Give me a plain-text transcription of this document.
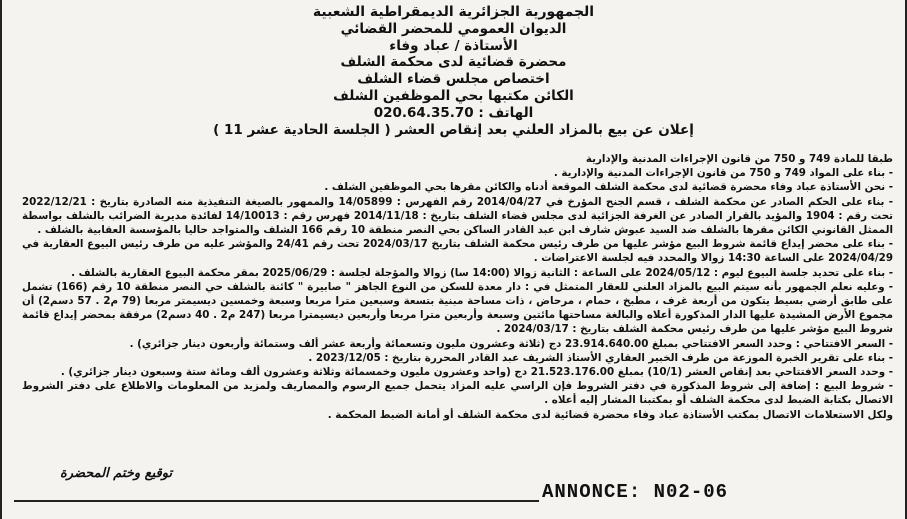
الجمهورية الجزائرية الديمقراطية الشعبية
الديوان العمومي للمحضر القضائي
الأستاذة / عباد وفاء
محضرة قضائية لدى محكمة الشلف
اختصاص مجلس قضاء الشلف
الكائن مكتبها بحي الموظفين الشلف
الهاتف : 020.64.35.70
إعلان عن بيع بالمزاد العلني بعد إنقاص العشر ( الجلسة الحادية عشر 11 )
طبقا للمادة 749 و 750 من قانون الإجراءات المدنية والإدارية
- بناء على المواد 749 و 750 من قانون الإجراءات المدنية والإدارية .
- نحن الأستاذة عباد وفاء محضرة قضائية لدى محكمة الشلف الموقعة أدناه والكائن مقرها بحي الموظفين الشلف .
- بناء على الحكم الصادر عن محكمة الشلف ، قسم الجنح المؤرخ في 2014/04/27 رقم الفهرس : 14/05899 والممهور بالصيغة التنفيذية منه الصادرة بتاريخ : 2022/12/21 تحت رقم : 1904 والمؤيد بالقرار الصادر عن الغرفة الجزائية لدى مجلس قضاء الشلف بتاريخ : 2014/11/18 فهرس رقم : 14/10013 لفائدة مديرية الضرائب بالشلف بواسطة الممثل القانوني الكائن مقرها بالشلف ضد السيد عبوش شارف ابن عبد القادر الساكن بحي النصر منطقة 10 رقم 166 الشلف والمتواجد حاليا بالمؤسسة العقابية بالشلف .
- بناء على محضر إيداع قائمة شروط البيع مؤشر عليها من طرف رئيس محكمة الشلف بتاريخ 2024/03/17 تحت رقم 24/41 والمؤشر عليه من طرف رئيس البيوع العقارية في 2024/04/29 على الساعة 14:30 زوالا والمحدد فيه لجلسة الاعتراضات .
- بناء على تحديد جلسة البيوع ليوم : 2024/05/12 على الساعة : الثانية زوالا (14:00 سا) زوالا والمؤجلة لجلسة : 2025/06/29 بمقر محكمة البيوع العقارية بالشلف .
- وعليه نعلم الجمهور بأنه سيتم البيع بالمزاد العلني للعقار المتمثل في : دار معدة للسكن من النوع الجاهز " صابيرة " كائنة بالشلف حي النصر منطقة 10 رقم (166) تشمل على طابق أرضي بسيط يتكون من أربعة غرف ، مطبخ ، حمام ، مرحاض ، ذات مساحة مبنية بتسعة وسبعين مترا مربعا وسبعة وخمسين ديسيمتر مربعا (79 م2 . 57 دسم2) أن مجموع الأرض المشيدة عليها الدار المذكورة أعلاه والبالغة مساحتها مائتين وسبعة وأربعين مترا مربعا وأربعين ديسيمترا مربعا (247 م2 . 40 دسم2) مرفقة بمحضر إيداع قائمة شروط البيع مؤشر عليها من طرف رئيس محكمة الشلف بتاريخ : 2024/03/17 .
- السعر الافتتاحي : وحدد السعر الافتتاحي بمبلغ 23.914.640.00 دج (ثلاثة وعشرون مليون وتسعمائة وأربعة عشر ألف وستمائة وأربعون دينار جزائري) .
- بناء على تقرير الخبرة الموزعة من طرف الخبير العقاري الأستاذ الشريف عبد القادر المحررة بتاريخ : 2023/12/05 .
- وحدد السعر الافتتاحي بعد إنقاص العشر (10/1) بمبلغ 21.523.176.00 دج (واحد وعشرون مليون وخمسمائة وثلاثة وعشرون ألف ومائة ستة وسبعون دينار جزائري) .
- شروط البيع : إضافة إلى شروط المذكورة في دفتر الشروط فإن الراسي عليه المزاد يتحمل جميع الرسوم والمصاريف ولمزيد من المعلومات والاطلاع على دفتر الشروط الاتصال بكتابة الضبط لدى محكمة الشلف أو بمكتبنا المشار إليه أعلاه .
ولكل الاستعلامات الاتصال بمكتب الأستاذة عباد وفاء محضرة قضائية لدى محكمة الشلف أو أمانة الضبط المحكمة .
توقيع وختم المحضرة
ANNONCE: N02-06
